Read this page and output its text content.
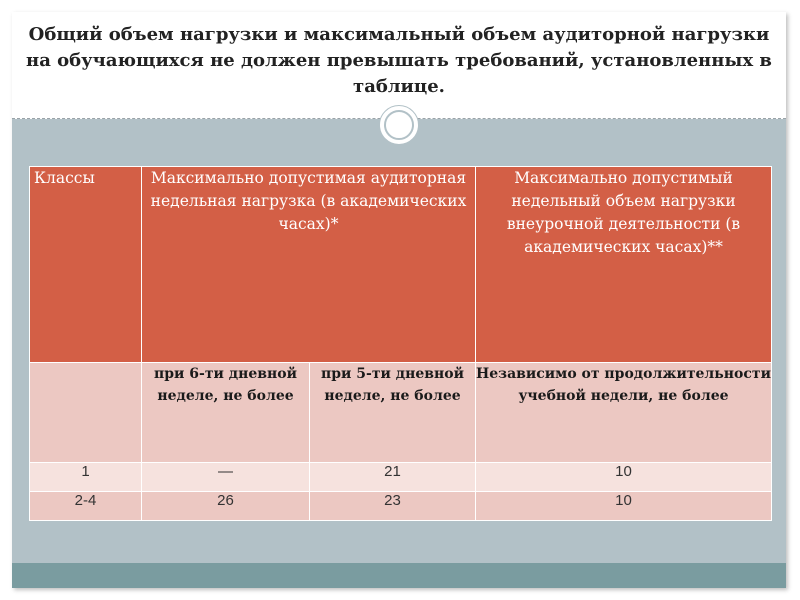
Общий объем нагрузки и максимальный объем аудиторной нагрузки на обучающихся не должен превышать требований, установленных в таблице.
Классы	Максимально допустимая аудиторная недельная нагрузка (в академических часах)*		Максимально допустимый недельный объем нагрузки внеурочной деятельности (в академических часах)**
	при 6-ти дневной неделе, не более	при 5-ти дневной неделе, не более	Независимо от продолжительности учебной недели, не более
1	—	21	10
2-4	26	23	10
